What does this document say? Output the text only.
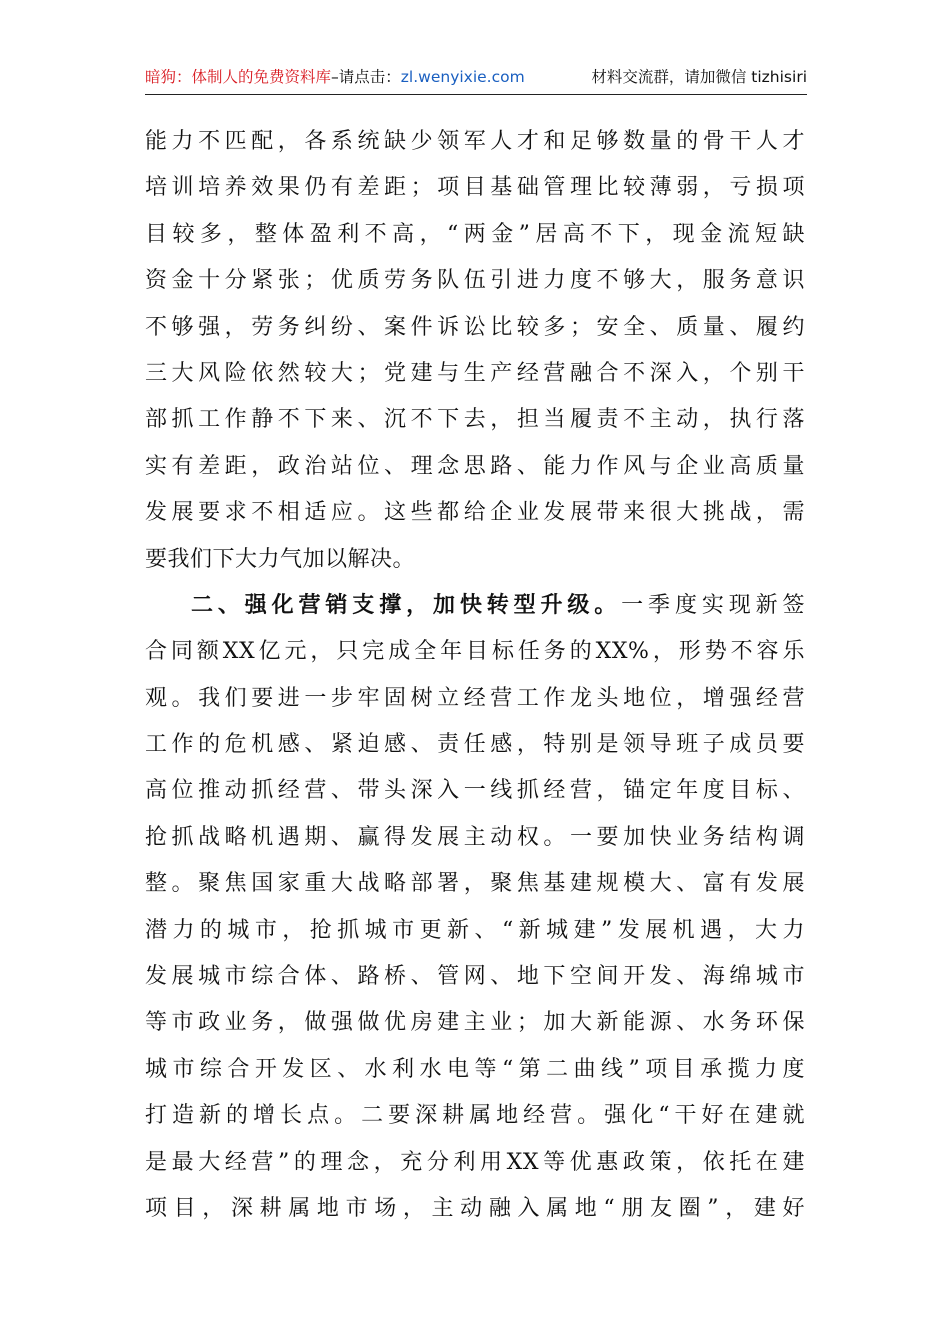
暗狗：体制人的免费资料库–请点击：zl.wenyixie.com	材料交流群，请加微信 tizhisiri
能力不匹配，各系统缺少领军人才和足够数量的骨干人才
培训培养效果仍有差距；项目基础管理比较薄弱，亏损项
目较多，整体盈利不高，“两金”居高不下，现金流短缺
资金十分紧张；优质劳务队伍引进力度不够大，服务意识
不够强，劳务纠纷、案件诉讼比较多；安全、质量、履约
三大风险依然较大；党建与生产经营融合不深入，个别干
部抓工作静不下来、沉不下去，担当履责不主动，执行落
实有差距，政治站位、理念思路、能力作风与企业高质量
发展要求不相适应。这些都给企业发展带来很大挑战，需
要我们下大力气加以解决。
二、强化营销支撑，加快转型升级。一季度实现新签
合同额XX亿元，只完成全年目标任务的XX%，形势不容乐
观。我们要进一步牢固树立经营工作龙头地位，增强经营
工作的危机感、紧迫感、责任感，特别是领导班子成员要
高位推动抓经营、带头深入一线抓经营，锚定年度目标、
抢抓战略机遇期、赢得发展主动权。一要加快业务结构调
整。聚焦国家重大战略部署，聚焦基建规模大、富有发展
潜力的城市，抢抓城市更新、“新城建”发展机遇，大力
发展城市综合体、路桥、管网、地下空间开发、海绵城市
等市政业务，做强做优房建主业；加大新能源、水务环保
城市综合开发区、水利水电等“第二曲线”项目承揽力度
打造新的增长点。二要深耕属地经营。强化“干好在建就
是最大经营”的理念，充分利用XX等优惠政策，依托在建
项目，深耕属地市场，主动融入属地“朋友圈”，建好
